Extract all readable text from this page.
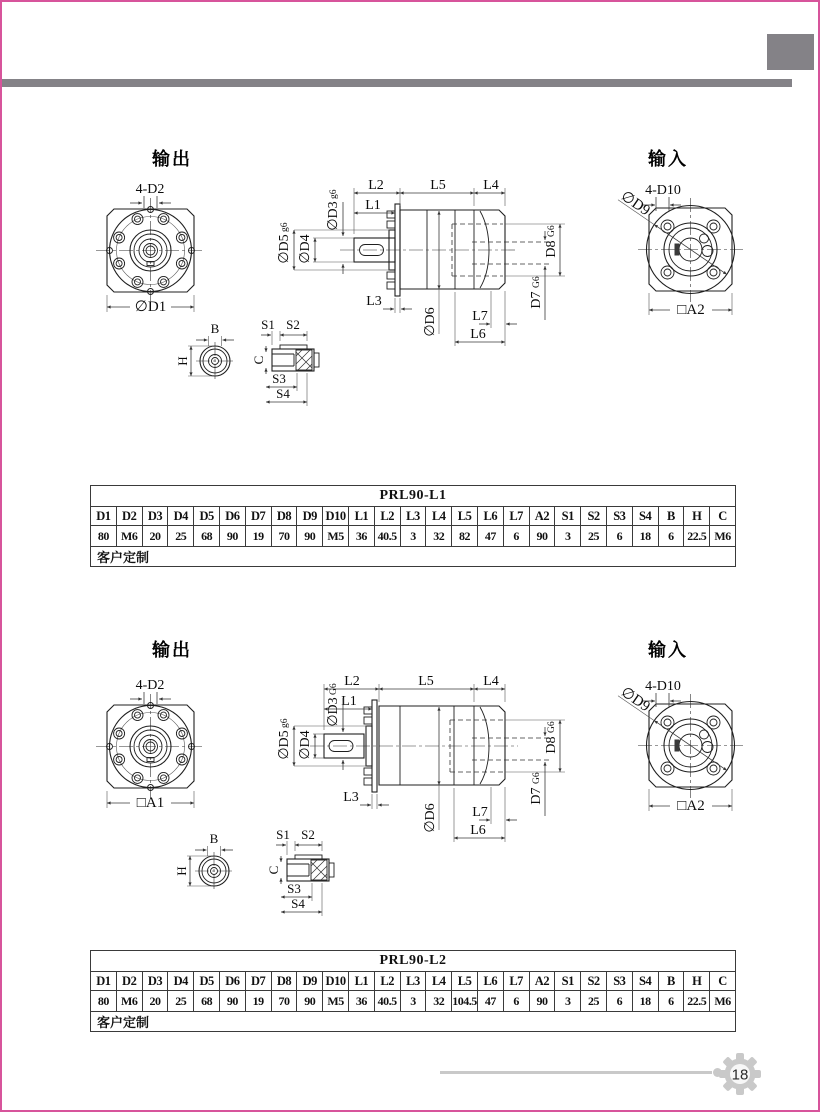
输出	输入
4-D2
∅D1
L2	L5	L4
L1
∅D3
g6
∅D5
g6
∅D4
L3
∅D6 L7
L6
D8
G6
D7
G6
4-D10
∅D9
□A2
B
H
S1 S2
C
S3
S4
PRL90-L1																								
D1	D2	D3	D4	D5	D6	D7	D8	D9	D10	L1	L2	L3	L4	L5	L6	L7	A2	S1	S2	S3	S4	B	H	C
80	M6	20	25	68	90	19	70	90	M5	36	40.5	3	32	82	47	6	90	3	25	6	18	6	22.5	M6
客户定制																								
输出	输入
4-D2
□A1
L2	L5	L4
L1
∅D3
G6
∅D5
g6
∅D4
L3
∅D6 L7
L6
D8
G6
D7
G6
4-D10
∅D9
□A2
B
H
S1 S2
C
S3
S4
PRL90-L2																								
D1	D2	D3	D4	D5	D6	D7	D8	D9	D10	L1	L2	L3	L4	L5	L6	L7	A2	S1	S2	S3	S4	B	H	C
80	M6	20	25	68	90	19	70	90	M5	36	40.5	3	32	104.5	47	6	90	3	25	6	18	6	22.5	M6
客户定制																								
18
